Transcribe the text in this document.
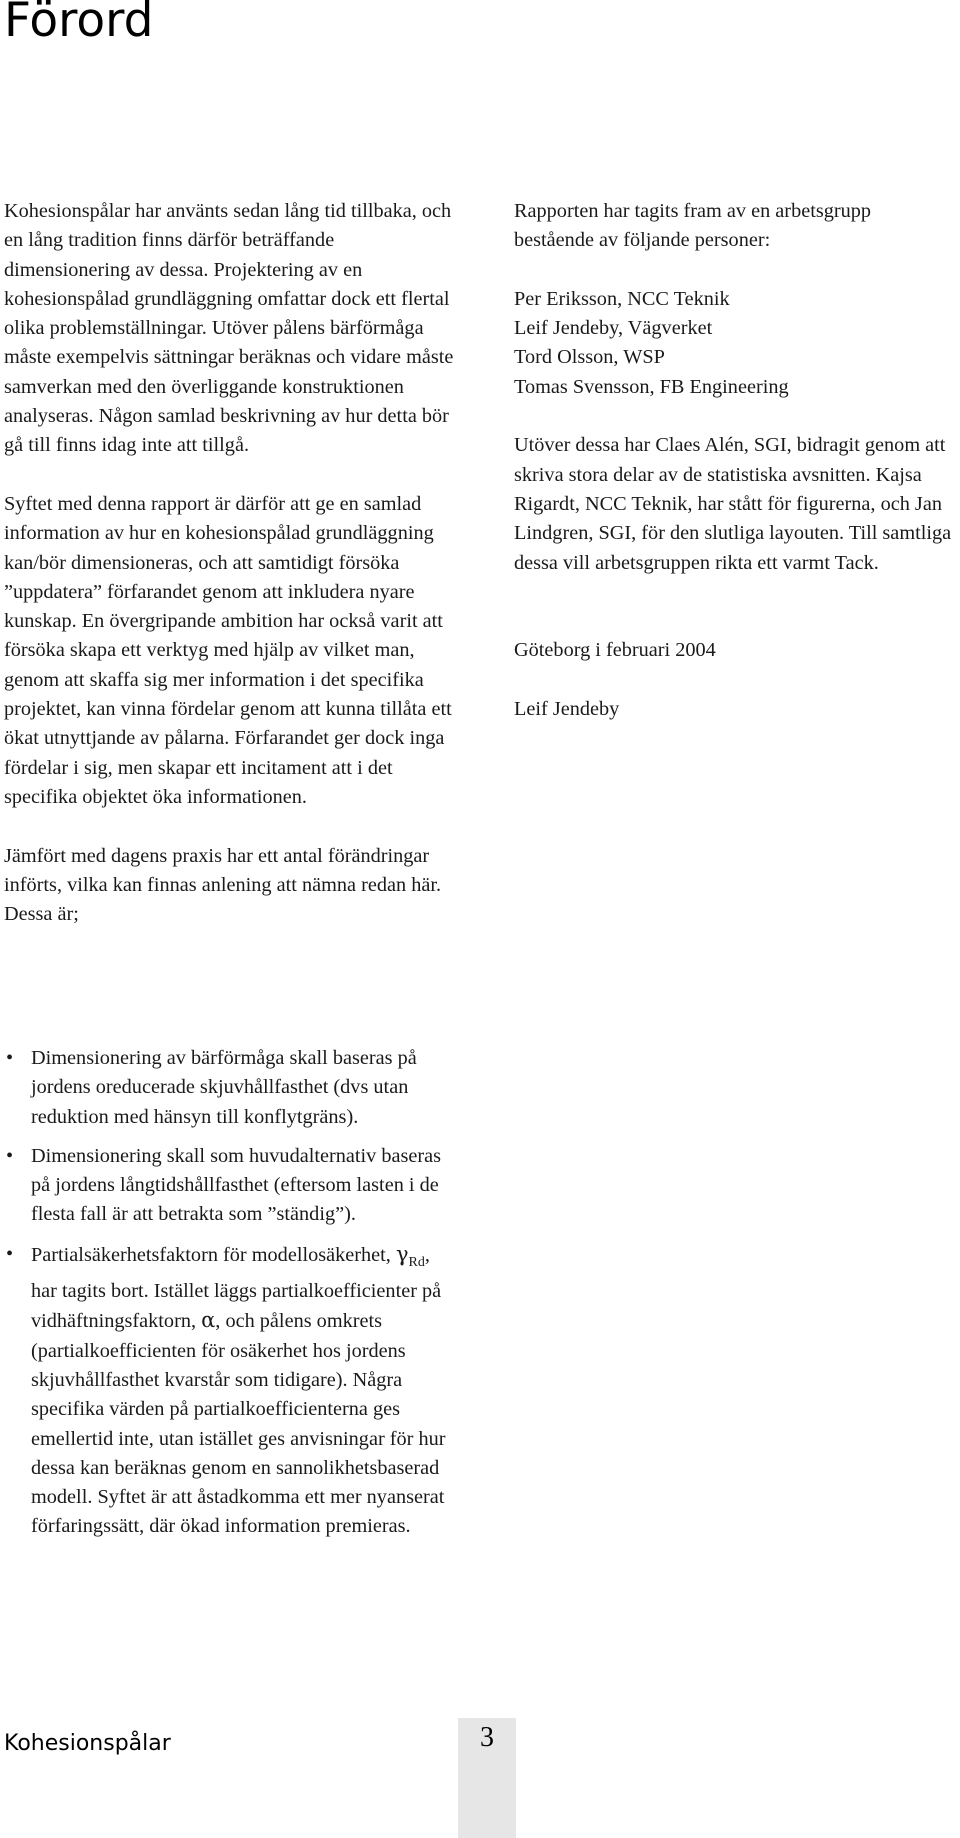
Förord

Kohesionspålar har använts sedan lång tid tillbaka, och en lång tradition finns därför beträffande dimensionering av dessa. Projektering av en kohesionspålad grundläggning omfattar dock ett flertal olika problemställningar. Utöver pålens bärförmåga måste exempelvis sättningar beräknas och vidare måste samverkan med den överliggande konstruktionen analyseras. Någon samlad beskrivning av hur detta bör gå till finns idag inte att tillgå.

Syftet med denna rapport är därför att ge en samlad information av hur en kohesionspålad grundläggning kan/bör dimensioneras, och att samtidigt försöka ”uppdatera” förfarandet genom att inkludera nyare kunskap. En övergripande ambition har också varit att försöka skapa ett verktyg med hjälp av vilket man, genom att skaffa sig mer information i det specifika projektet, kan vinna fördelar genom att kunna tillåta ett ökat utnyttjande av pålarna. Förfarandet ger dock inga fördelar i sig, men skapar ett incitament att i det specifika objektet öka informationen.

Jämfört med dagens praxis har ett antal förändringar införts, vilka kan finnas anlening att nämna redan här. Dessa är;

• Dimensionering av bärförmåga skall baseras på jordens oreducerade skjuvhållfasthet (dvs utan reduktion med hänsyn till konflytgräns).
• Dimensionering skall som huvudalternativ baseras på jordens långtidshållfasthet (eftersom lasten i de flesta fall är att betrakta som ”ständig”).
• Partialsäkerhetsfaktorn för modellosäkerhet, $\gamma_{Rd}$, har tagits bort. Istället läggs partialkoefficienter på vidhäftningsfaktorn, α, och pålens omkrets (partialkoefficienten för osäkerhet hos jordens skjuvhållfasthet kvarstår som tidigare). Några specifika värden på partialkoefficienterna ges emellertid inte, utan istället ges anvisningar för hur dessa kan beräknas genom en sannolikhetsbaserad modell. Syftet är att åstadkomma ett mer nyanserat förfaringssätt, där ökad information premieras.

Rapporten har tagits fram av en arbetsgrupp bestående av följande personer:

Per Eriksson, NCC Teknik

Leif Jendeby, Vägverket

Tord Olsson, WSP

Tomas Svensson, FB Engineering

Utöver dessa har Claes Alén, SGI, bidragit genom att skriva stora delar av de statistiska avsnitten. Kajsa Rigardt, NCC Teknik, har stått för figurerna, och Jan Lindgren, SGI, för den slutliga layouten. Till samtliga dessa vill arbetsgruppen rikta ett varmt Tack.

Göteborg i februari 2004

Leif Jendeby

Kohesionspålar	3
